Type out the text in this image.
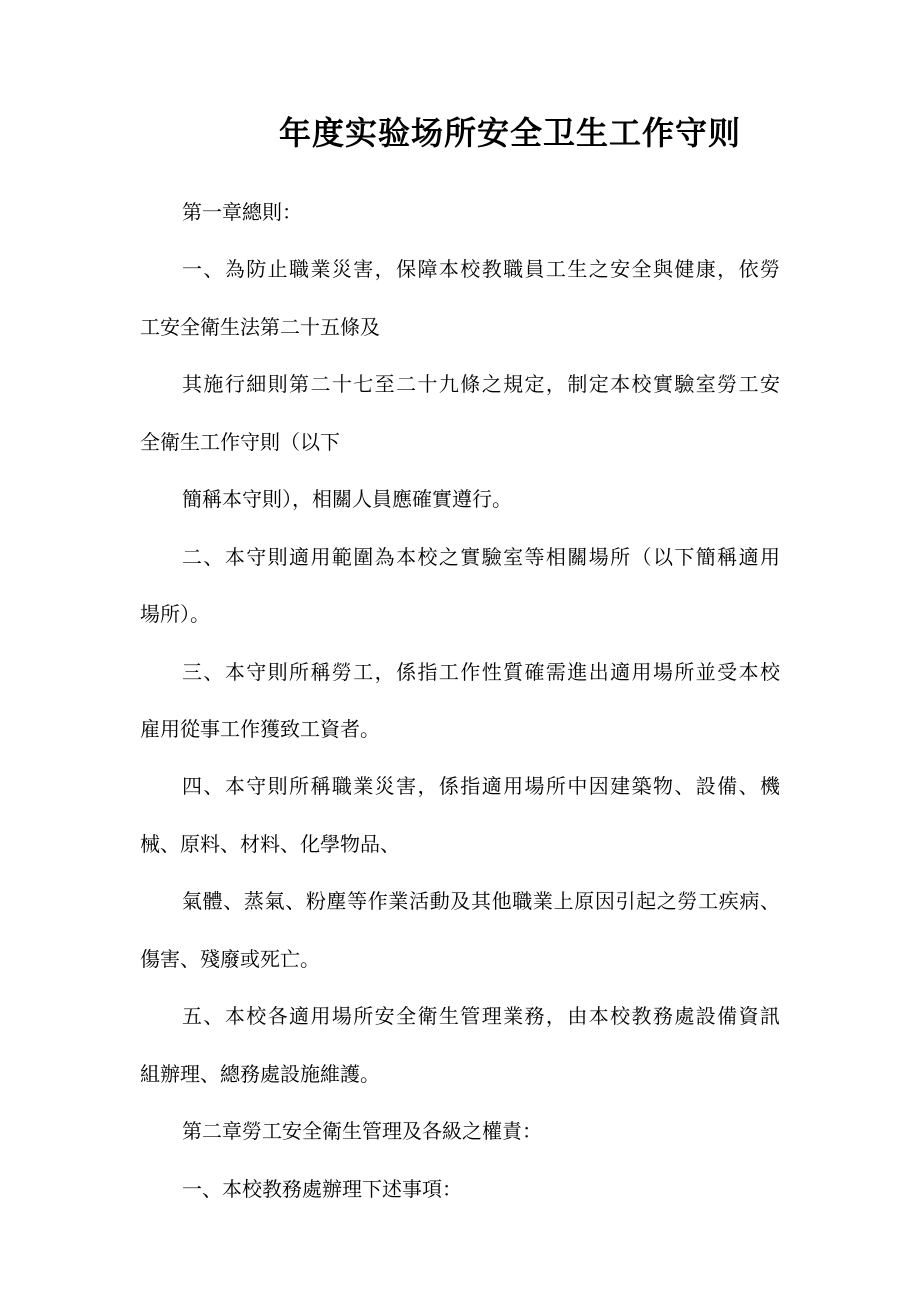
年度实验场所安全卫生工作守则
第一章總則：
一、為防止職業災害，保障本校教職員工生之安全與健康，依勞
工安全衛生法第二十五條及
其施行細則第二十七至二十九條之規定，制定本校實驗室勞工安
全衛生工作守則（以下
簡稱本守則），相關人員應確實遵行。
二、本守則適用範圍為本校之實驗室等相關場所（以下簡稱適用
場所）。
三、本守則所稱勞工，係指工作性質確需進出適用場所並受本校
雇用從事工作獲致工資者。
四、本守則所稱職業災害，係指適用場所中因建築物、設備、機
械、原料、材料、化學物品、
氣體、蒸氣、粉塵等作業活動及其他職業上原因引起之勞工疾病、
傷害、殘廢或死亡。
五、本校各適用場所安全衛生管理業務，由本校教務處設備資訊
組辦理、總務處設施維護。
第二章勞工安全衛生管理及各級之權責：
一、本校教務處辦理下述事項：
